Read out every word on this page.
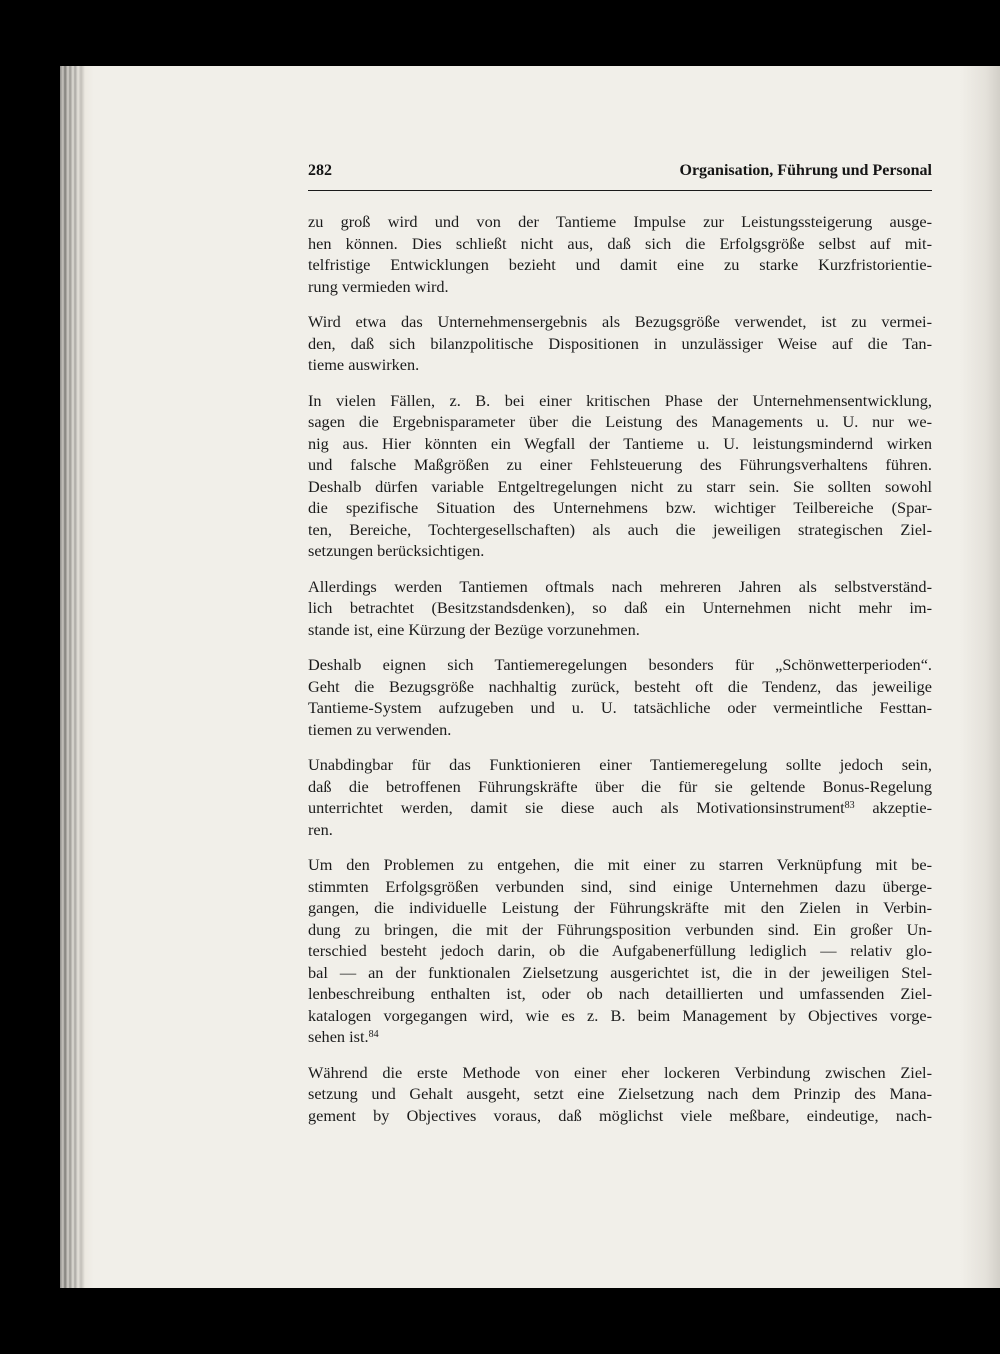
282	Organisation, Führung und Personal

zu groß wird und von der Tantieme Impulse zur Leistungssteigerung ausge-
hen können. Dies schließt nicht aus, daß sich die Erfolgsgröße selbst auf mit-
telfristige Entwicklungen bezieht und damit eine zu starke Kurzfristorientie-
rung vermieden wird.

Wird etwa das Unternehmensergebnis als Bezugsgröße verwendet, ist zu vermei-
den, daß sich bilanzpolitische Dispositionen in unzulässiger Weise auf die Tan-
tieme auswirken.

In vielen Fällen, z. B. bei einer kritischen Phase der Unternehmensentwicklung,
sagen die Ergebnisparameter über die Leistung des Managements u. U. nur we-
nig aus. Hier könnten ein Wegfall der Tantieme u. U. leistungsmindernd wirken
und falsche Maßgrößen zu einer Fehlsteuerung des Führungsverhaltens führen.
Deshalb dürfen variable Entgeltregelungen nicht zu starr sein. Sie sollten sowohl
die spezifische Situation des Unternehmens bzw. wichtiger Teilbereiche (Spar-
ten, Bereiche, Tochtergesellschaften) als auch die jeweiligen strategischen Ziel-
setzungen berücksichtigen.

Allerdings werden Tantiemen oftmals nach mehreren Jahren als selbstverständ-
lich betrachtet (Besitzstandsdenken), so daß ein Unternehmen nicht mehr im-
stande ist, eine Kürzung der Bezüge vorzunehmen.

Deshalb eignen sich Tantiemeregelungen besonders für „Schönwetterperioden“.
Geht die Bezugsgröße nachhaltig zurück, besteht oft die Tendenz, das jeweilige
Tantieme-System aufzugeben und u. U. tatsächliche oder vermeintliche Festtan-
tiemen zu verwenden.

Unabdingbar für das Funktionieren einer Tantiemeregelung sollte jedoch sein,
daß die betroffenen Führungskräfte über die für sie geltende Bonus-Regelung
unterrichtet werden, damit sie diese auch als Motivationsinstrument$^{83}$ akzeptie-
ren.

Um den Problemen zu entgehen, die mit einer zu starren Verknüpfung mit be-
stimmten Erfolgsgrößen verbunden sind, sind einige Unternehmen dazu überge-
gangen, die individuelle Leistung der Führungskräfte mit den Zielen in Verbin-
dung zu bringen, die mit der Führungsposition verbunden sind. Ein großer Un-
terschied besteht jedoch darin, ob die Aufgabenerfüllung lediglich — relativ glo-
bal — an der funktionalen Zielsetzung ausgerichtet ist, die in der jeweiligen Stel-
lenbeschreibung enthalten ist, oder ob nach detaillierten und umfassenden Ziel-
katalogen vorgegangen wird, wie es z. B. beim Management by Objectives vorge-
sehen ist.$^{84}$

Während die erste Methode von einer eher lockeren Verbindung zwischen Ziel-
setzung und Gehalt ausgeht, setzt eine Zielsetzung nach dem Prinzip des Mana-
gement by Objectives voraus, daß möglichst viele meßbare, eindeutige, nach-
